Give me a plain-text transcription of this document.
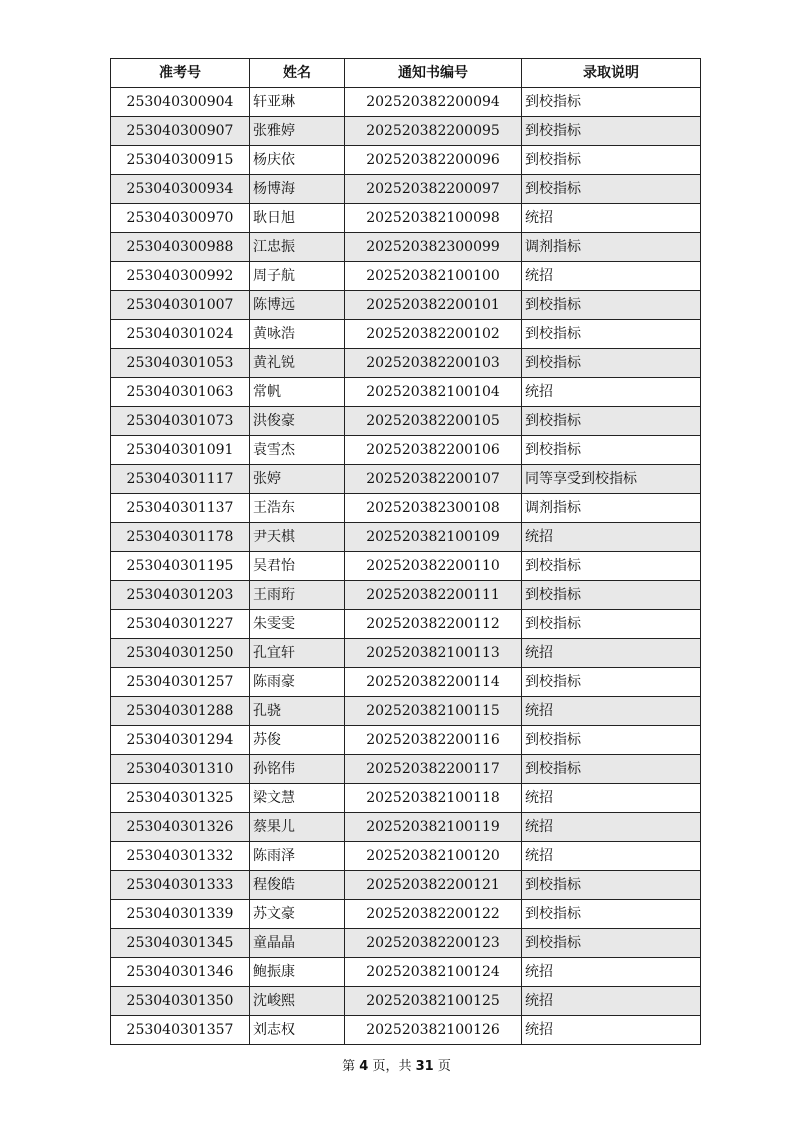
准考号	姓名	通知书编号	录取说明
253040300904	轩亚琳	202520382200094	到校指标
253040300907	张雅婷	202520382200095	到校指标
253040300915	杨庆依	202520382200096	到校指标
253040300934	杨博海	202520382200097	到校指标
253040300970	耿日旭	202520382100098	统招
253040300988	江忠振	202520382300099	调剂指标
253040300992	周子航	202520382100100	统招
253040301007	陈博远	202520382200101	到校指标
253040301024	黄咏浩	202520382200102	到校指标
253040301053	黄礼锐	202520382200103	到校指标
253040301063	常帆	202520382100104	统招
253040301073	洪俊豪	202520382200105	到校指标
253040301091	袁雪杰	202520382200106	到校指标
253040301117	张婷	202520382200107	同等享受到校指标
253040301137	王浩东	202520382300108	调剂指标
253040301178	尹天棋	202520382100109	统招
253040301195	吴君怡	202520382200110	到校指标
253040301203	王雨珩	202520382200111	到校指标
253040301227	朱雯雯	202520382200112	到校指标
253040301250	孔宜轩	202520382100113	统招
253040301257	陈雨豪	202520382200114	到校指标
253040301288	孔骁	202520382100115	统招
253040301294	苏俊	202520382200116	到校指标
253040301310	孙铭伟	202520382200117	到校指标
253040301325	梁文慧	202520382100118	统招
253040301326	蔡果儿	202520382100119	统招
253040301332	陈雨泽	202520382100120	统招
253040301333	程俊皓	202520382200121	到校指标
253040301339	苏文豪	202520382200122	到校指标
253040301345	童晶晶	202520382200123	到校指标
253040301346	鲍振康	202520382100124	统招
253040301350	沈峻熙	202520382100125	统招
253040301357	刘志权	202520382100126	统招
第 4 页，共 31 页
